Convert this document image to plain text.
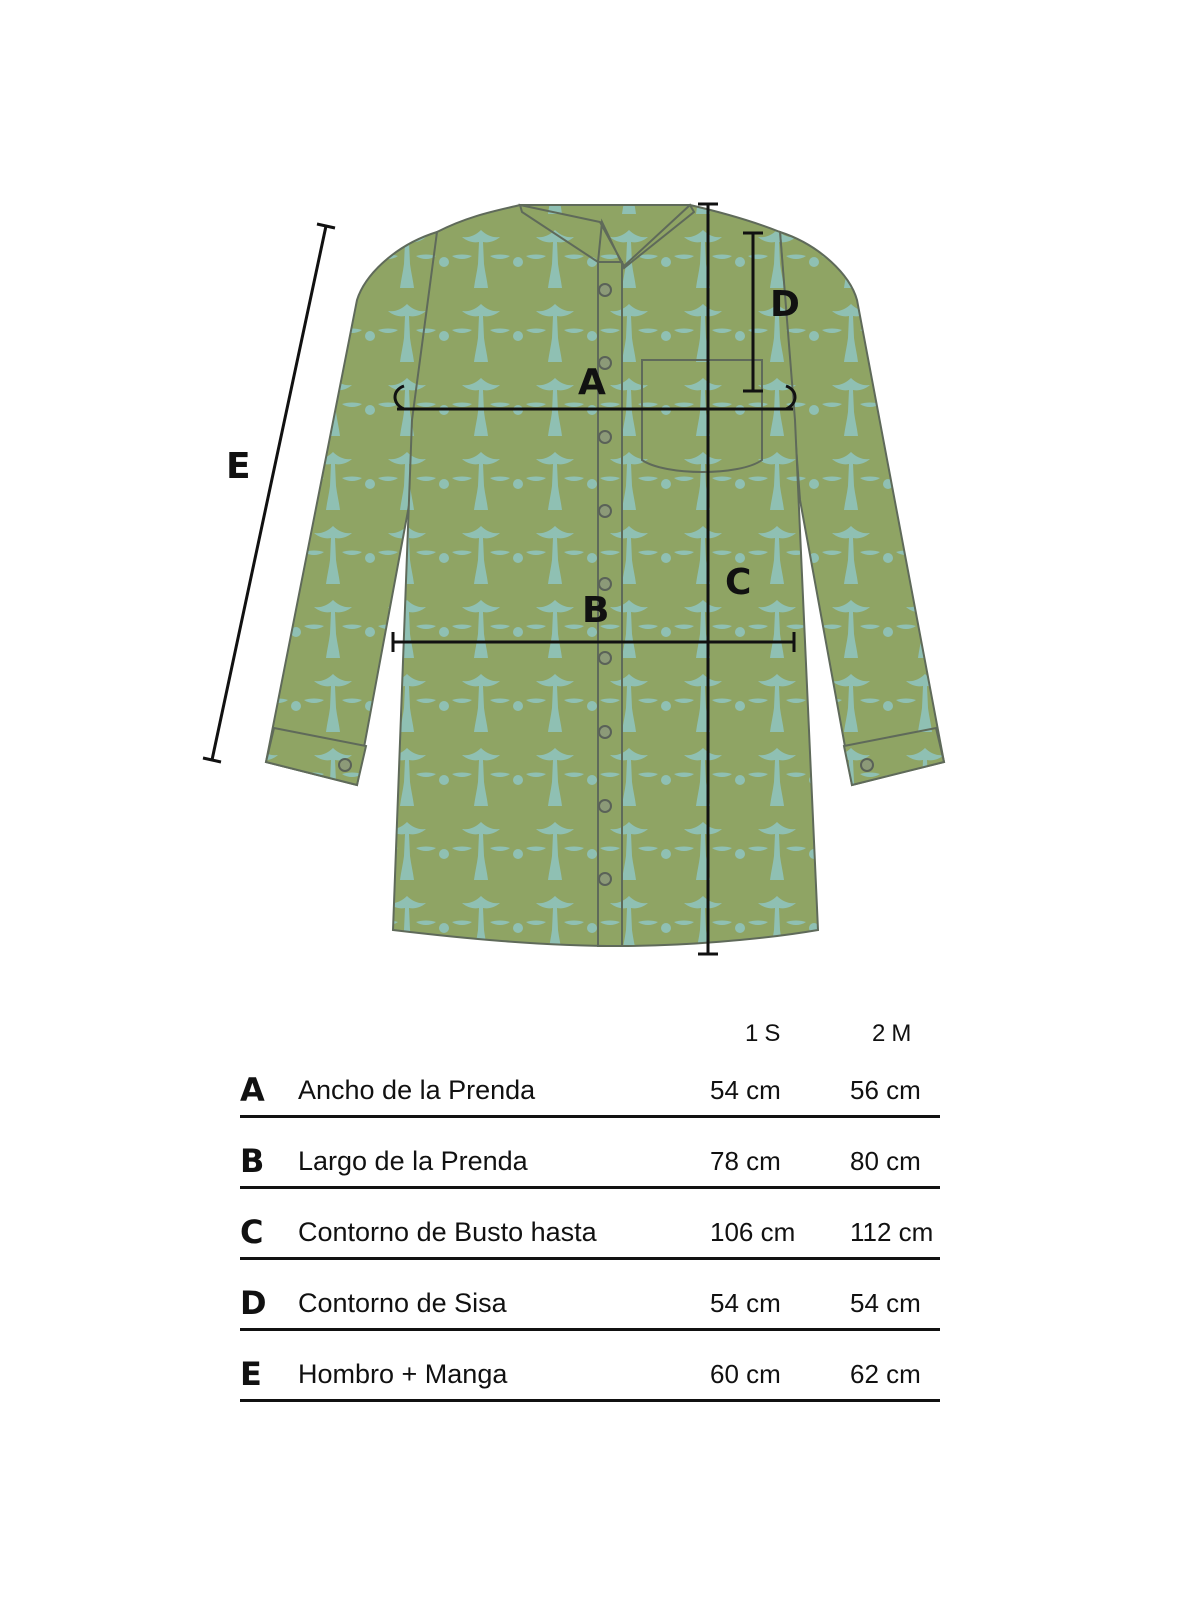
A
B
C
D
E
1 S	2 M
A Ancho de la Prenda	54 cm	56 cm
B Largo de la Prenda	78 cm	80 cm
C Contorno de Busto hasta	106 cm 112 cm
D Contorno de Sisa	54 cm	54 cm
E Hombro + Manga	60 cm	62 cm
